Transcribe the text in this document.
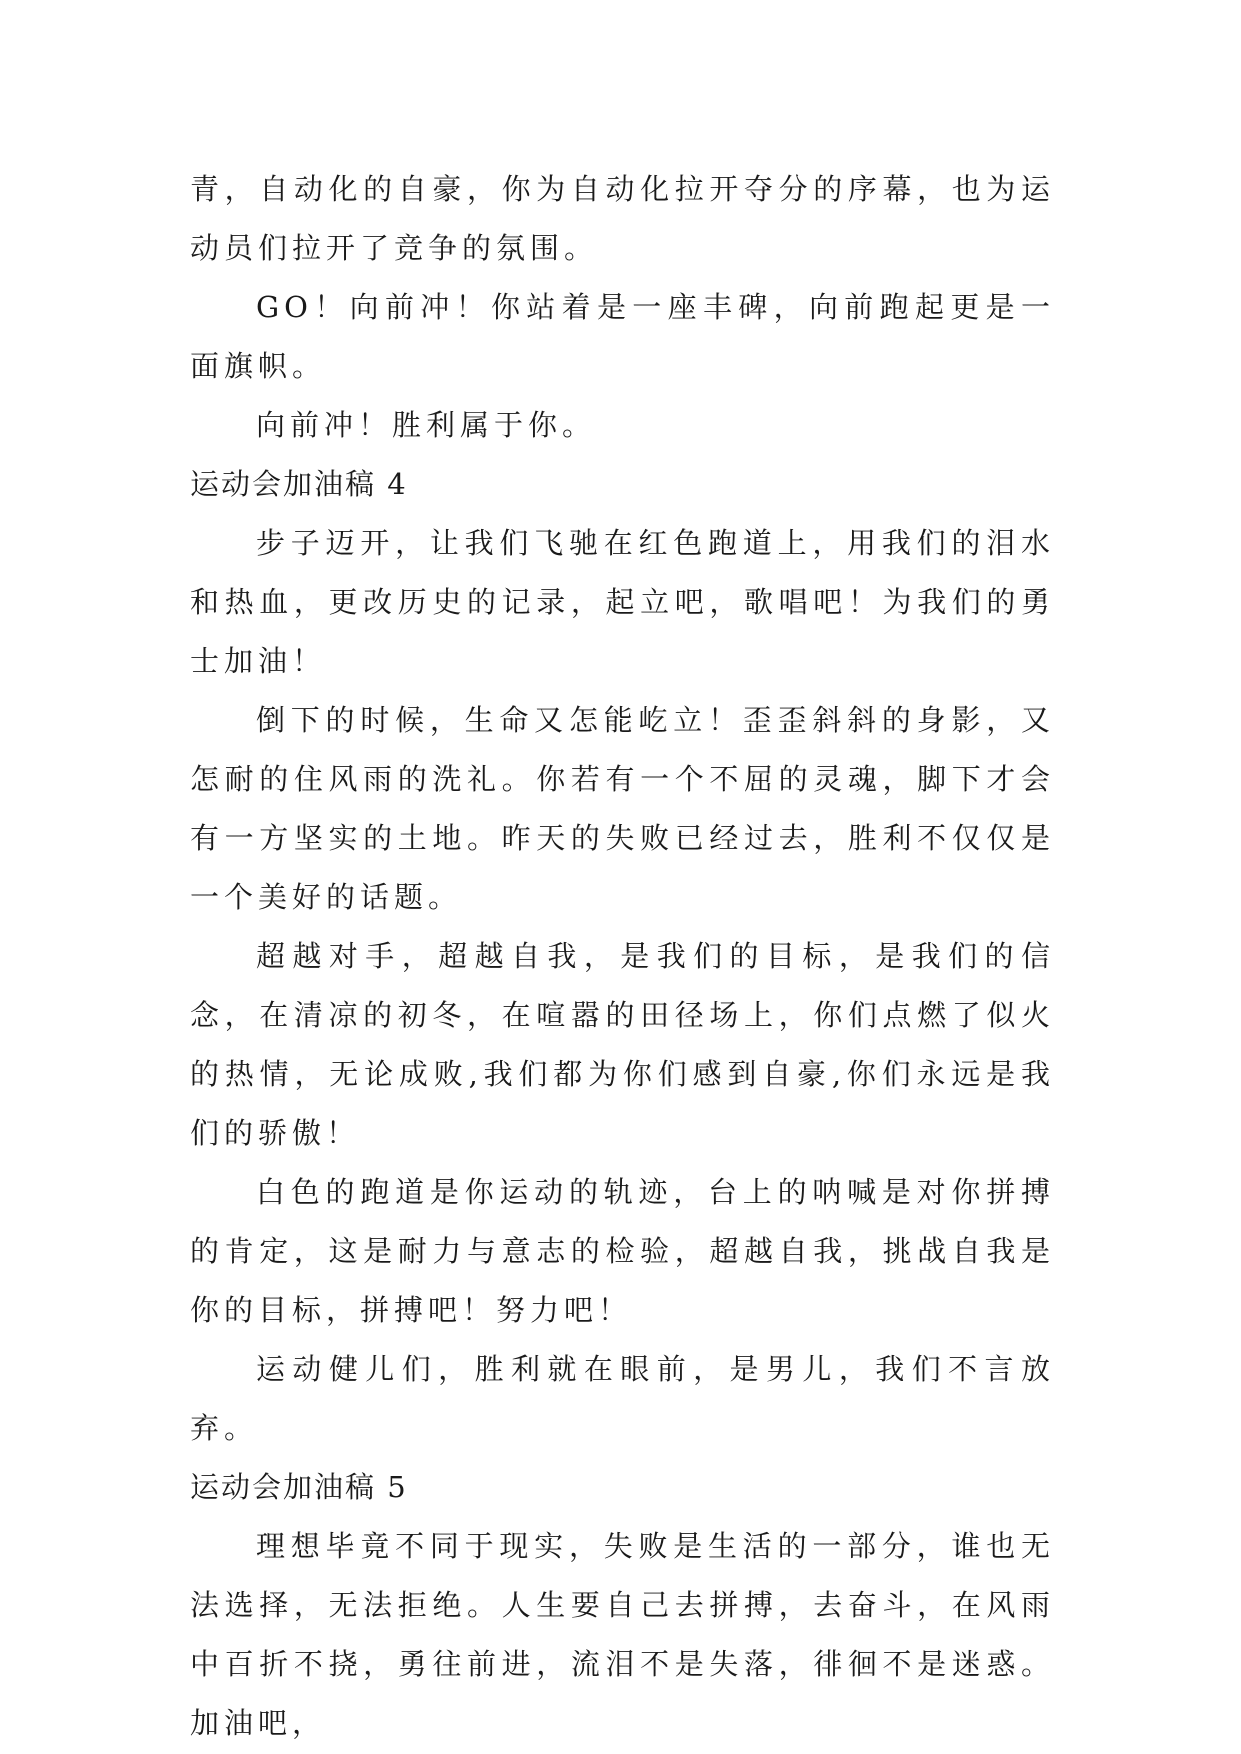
青，自动化的自豪，你为自动化拉开夺分的序幕，也为运动员们拉开了竞争的氛围。

GO！向前冲！你站着是一座丰碑，向前跑起更是一面旗帜。

向前冲！胜利属于你。

运动会加油稿 4

步子迈开，让我们飞驰在红色跑道上，用我们的泪水和热血，更改历史的记录，起立吧，歌唱吧！为我们的勇士加油！

倒下的时候，生命又怎能屹立！歪歪斜斜的身影，又怎耐的住风雨的洗礼。你若有一个不屈的灵魂，脚下才会有一方坚实的土地。昨天的失败已经过去，胜利不仅仅是一个美好的话题。

超越对手，超越自我，是我们的目标，是我们的信念，在清凉的初冬，在喧嚣的田径场上，你们点燃了似火的热情，无论成败,我们都为你们感到自豪,你们永远是我们的骄傲！

白色的跑道是你运动的轨迹，台上的呐喊是对你拼搏的肯定，这是耐力与意志的检验，超越自我，挑战自我是你的目标，拼搏吧！努力吧！

运动健儿们，胜利就在眼前，是男儿，我们不言放弃。

运动会加油稿 5

理想毕竟不同于现实，失败是生活的一部分，谁也无法选择，无法拒绝。人生要自己去拼搏，去奋斗，在风雨中百折不挠，勇往前进，流泪不是失落，徘徊不是迷惑。加油吧，
